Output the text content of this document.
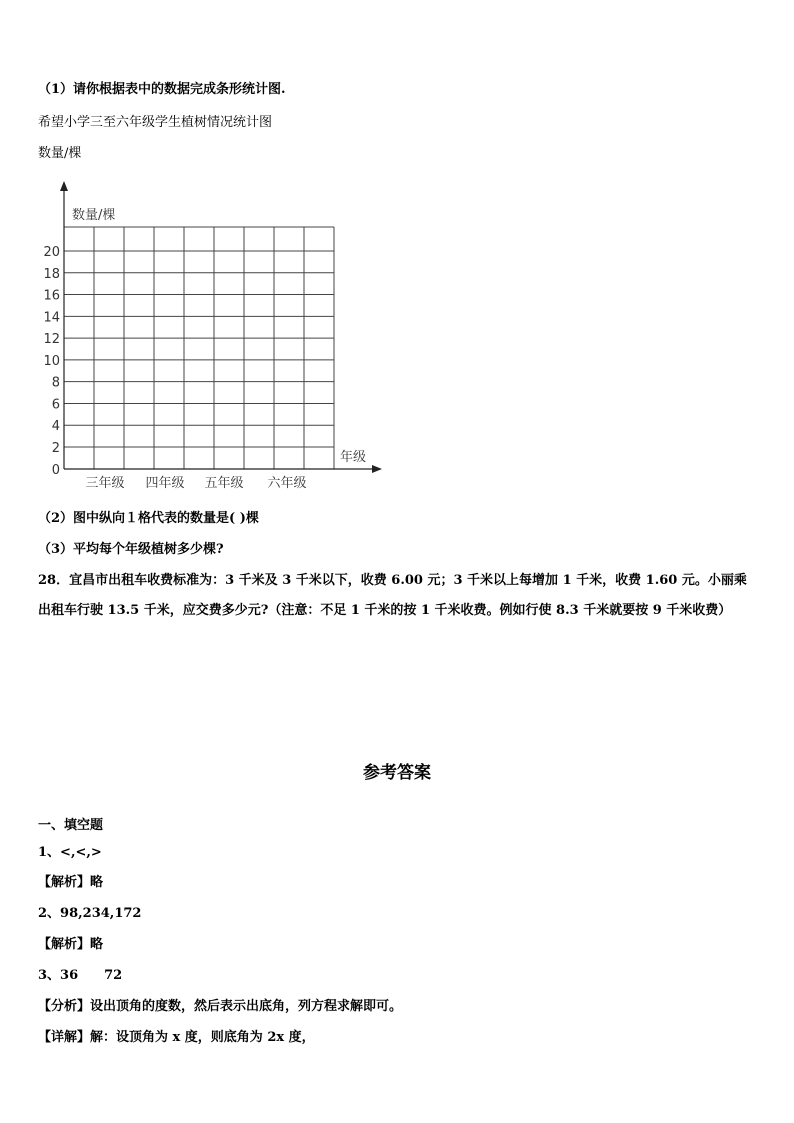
（1）请你根据表中的数据完成条形统计图.
希望小学三至六年级学生植树情况统计图
数量/棵
0
2
4
6
8
10
12
14
16
18
20
数量/棵
年级
三年级 四年级 五年级 六年级
（2）图中纵向１格代表的数量是( )棵
（3）平均每个年级植树多少棵?
28．宜昌市出租车收费标准为：3 千米及 3 千米以下，收费 6.00 元；3 千米以上每增加 1 千米，收费 1.60 元。小丽乘
出租车行驶 13.5 千米，应交费多少元?（注意：不足 1 千米的按 1 千米收费。例如行使 8.3 千米就要按 9 千米收费）
参考答案
一、填空题
1、<,<,>
【解析】略
2、98,234,172
【解析】略
3、36　　72
【分析】设出顶角的度数，然后表示出底角，列方程求解即可。
【详解】解：设顶角为 x 度，则底角为 2x 度，
